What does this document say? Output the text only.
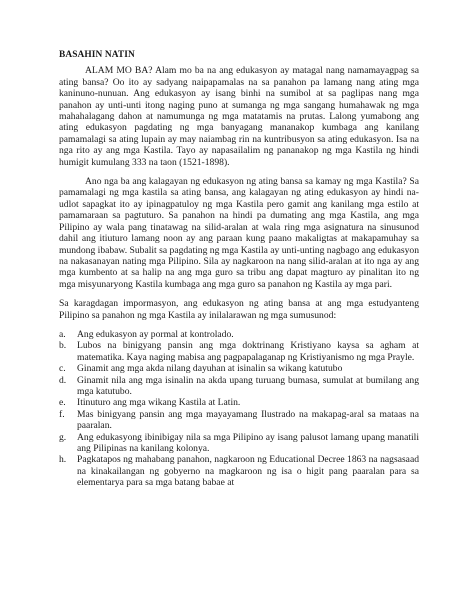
BASAHIN NATIN

ALAM MO BA? Alam mo ba na ang edukasyon ay matagal nang namamayagpag sa ating bansa? Oo ito ay sadyang naipapamalas na sa panahon pa lamang nang ating mga kaninuno-nunuan. Ang edukasyon ay isang binhi na sumibol at sa paglipas nang mga panahon ay unti-unti itong naging puno at sumanga ng mga sangang humahawak ng mga mahahalagang dahon at namumunga ng mga matatamis na prutas. Lalong yumabong ang ating edukasyon pagdating ng mga banyagang mananakop kumbaga ang kanilang pamamalagi sa ating lupain ay may naiambag rin na kuntribusyon sa ating edukasyon. Isa na nga rito ay ang mga Kastila. Tayo ay napasailalim ng pananakop ng mga Kastila ng hindi humigit kumulang 333 na taon (1521-1898).

Ano nga ba ang kalagayan ng edukasyon ng ating bansa sa kamay ng mga Kastila? Sa pamamalagi ng mga kastila sa ating bansa, ang kalagayan ng ating edukasyon ay hindi na-udlot sapagkat ito ay ipinagpatuloy ng mga Kastila pero gamit ang kanilang mga estilo at pamamaraan sa pagtuturo. Sa panahon na hindi pa dumating ang mga Kastila, ang mga Pilipino ay wala pang tinatawag na silid-aralan at wala ring mga asignatura na sinusunod dahil ang itiuturo lamang noon ay ang paraan kung paano makaligtas at makapamuhay sa mundong ibabaw. Subalit sa pagdating ng mga Kastila ay unti-unting nagbago ang edukasyon na nakasanayan nating mga Pilipino. Sila ay nagkaroon na nang silid-aralan at ito nga ay ang mga kumbento at sa halip na ang mga guro sa tribu ang dapat magturo ay pinalitan ito ng mga misyunaryong Kastila kumbaga ang mga guro sa panahon ng Kastila ay mga pari.

Sa karagdagan impormasyon, ang edukasyon ng ating bansa at ang mga estudyanteng Pilipino sa panahon ng mga Kastila ay inilalarawan ng mga sumusunod:

a. Ang edukasyon ay pormal at kontrolado.
b. Lubos na binigyang pansin ang mga doktrinang Kristiyano kaysa sa agham at matematika. Kaya naging mabisa ang pagpapalaganap ng Kristiyanismo ng mga Prayle.
c. Ginamit ang mga akda nilang dayuhan at isinalin sa wikang katutubo
d. Ginamit nila ang mga isinalin na akda upang turuang bumasa, sumulat at bumilang ang mga katutubo.
e. Itinuturo ang mga wikang Kastila at Latin.
f. Mas binigyang pansin ang mga mayayamang Ilustrado na makapag-aral sa mataas na paaralan.
g. Ang edukasyong ibinibigay nila sa mga Pilipino ay isang palusot lamang upang manatili ang Pilipinas na kanilang kolonya.
h. Pagkatapos ng mahabang panahon, nagkaroon ng Educational Decree 1863 na nagsasaad na kinakailangan ng gobyerno na magkaroon ng isa o higit pang paaralan para sa elementarya para sa mga batang babae at
